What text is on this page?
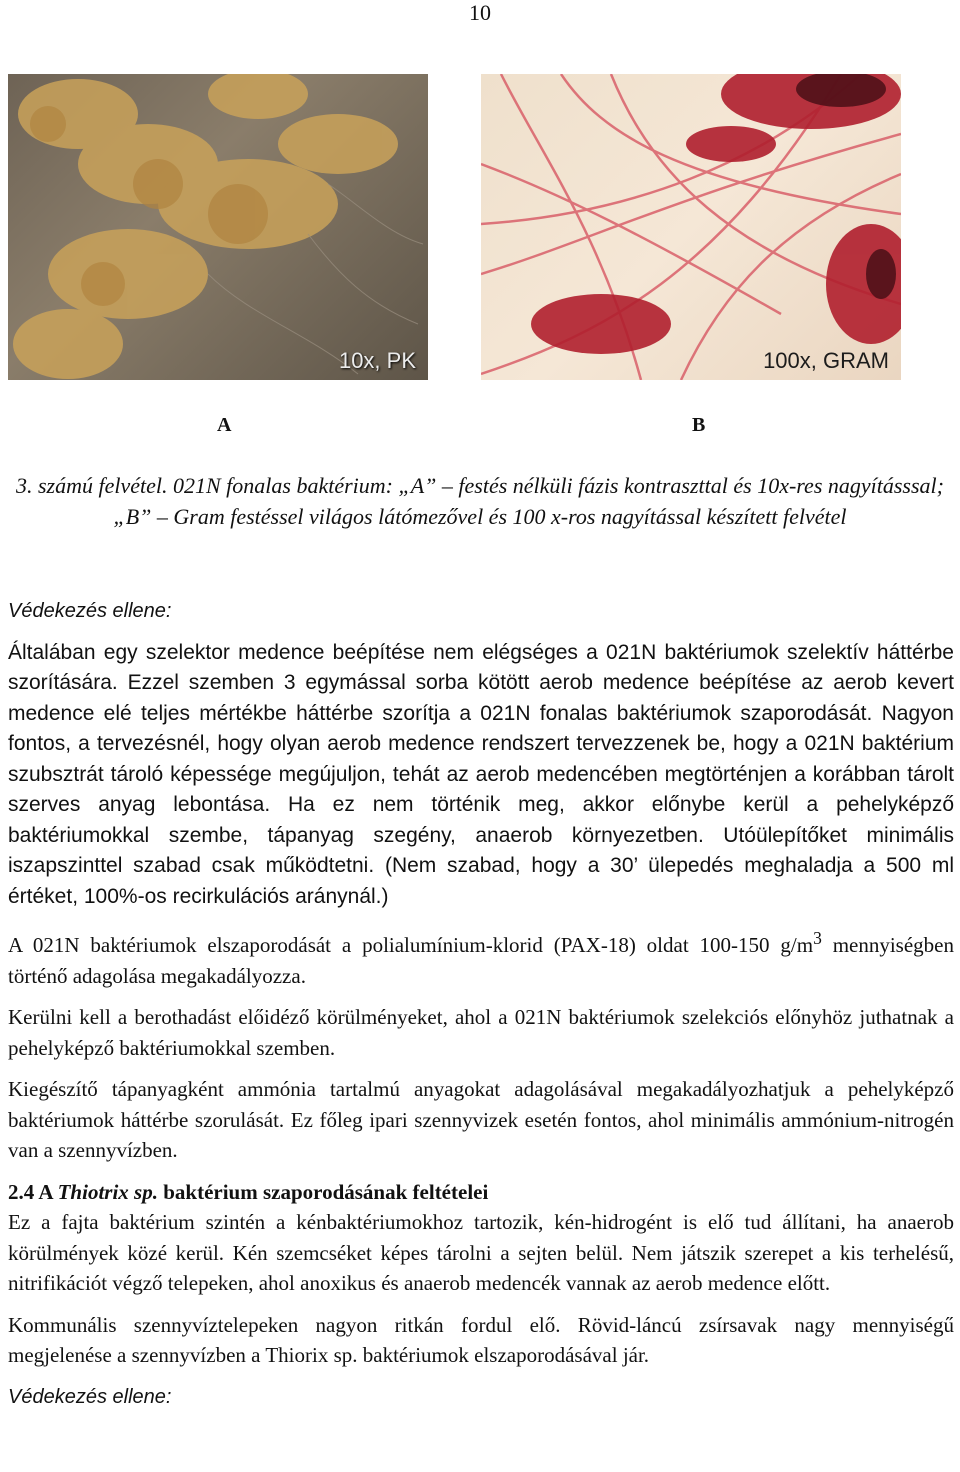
10
10x, PK	100x, GRAM
A	B
3. számú felvétel. 021N fonalas baktérium: „A” – festés nélküli fázis kontraszttal és 10x-res nagyításssal; „B” – Gram festéssel világos látómezővel és 100 x-ros nagyítással készített felvétel

Védekezés ellene:

Általában egy szelektor medence beépítése nem elégséges a 021N baktériumok szelektív háttérbe szorítására. Ezzel szemben 3 egymással sorba kötött aerob medence beépítése az aerob kevert medence elé teljes mértékbe háttérbe szorítja a 021N fonalas baktériumok szaporodását. Nagyon fontos, a tervezésnél, hogy olyan aerob medence rendszert tervezzenek be, hogy a 021N baktérium szubsztrát tároló képessége megújuljon, tehát az aerob medencében megtörténjen a korábban tárolt szerves anyag lebontása. Ha ez nem történik meg, akkor előnybe kerül a pehelyképző baktériumokkal szembe, tápanyag szegény, anaerob környezetben. Utóülepítőket minimális iszapszinttel szabad csak működtetni. (Nem szabad, hogy a 30’ ülepedés meghaladja a 500 ml értéket, 100%-os recirkulációs aránynál.)

A 021N baktériumok elszaporodását a polialumínium-klorid (PAX-18) oldat 100-150 $g/m^3$ mennyiségben történő adagolása megakadályozza.

Kerülni kell a berothadást előidéző körülményeket, ahol a 021N baktériumok szelekciós előnyhöz juthatnak a pehelyképző baktériumokkal szemben.

Kiegészítő tápanyagként ammónia tartalmú anyagokat adagolásával megakadályozhatjuk a pehelyképző baktériumok háttérbe szorulását. Ez főleg ipari szennyvizek esetén fontos, ahol minimális ammónium-nitrogén van a szennyvízben.

2.4 A Thiotrix sp. baktérium szaporodásának feltételei

Ez a fajta baktérium szintén a kénbaktériumokhoz tartozik, kén-hidrogént is elő tud állítani, ha anaerob körülmények közé kerül. Kén szemcséket képes tárolni a sejten belül. Nem játszik szerepet a kis terhelésű, nitrifikációt végző telepeken, ahol anoxikus és anaerob medencék vannak az aerob medence előtt.

Kommunális szennyvíztelepeken nagyon ritkán fordul elő. Rövid-láncú zsírsavak nagy mennyiségű megjelenése a szennyvízben a Thiorix sp. baktériumok elszaporodásával jár.

Védekezés ellene:
